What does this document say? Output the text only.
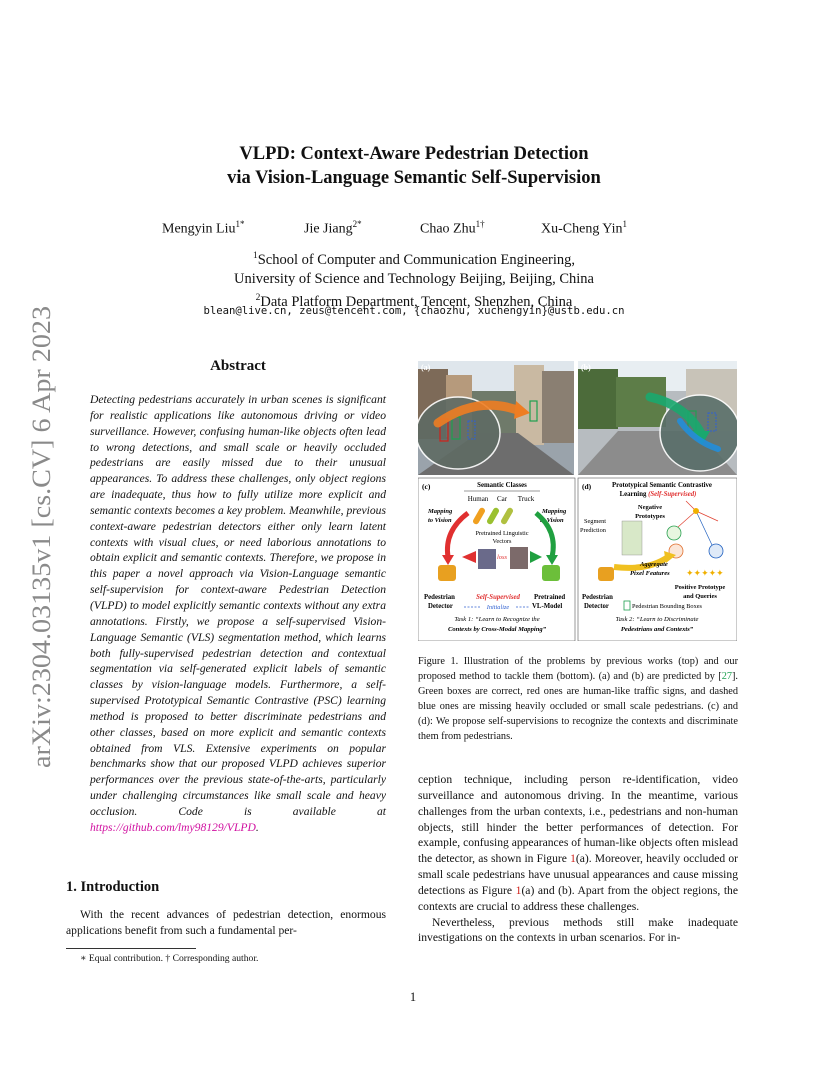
arXiv:2304.03135v1 [cs.CV] 6 Apr 2023
VLPD: Context-Aware Pedestrian Detection
via Vision-Language Semantic Self-Supervision
Mengyin Liu$^{1*}$	Jie Jiang$^{2*}$	Chao Zhu$^{1\dagger}$	Xu-Cheng Yin$^1$
$^1$School of Computer and Communication Engineering,
University of Science and Technology Beijing, Beijing, China
$^2$Data Platform Department, Tencent, Shenzhen, China
blean@live.cn, zeus@tencent.com, {chaozhu, xuchengyin}@ustb.edu.cn
Abstract
Detecting pedestrians accurately in urban scenes is significant for realistic applications like autonomous driving or video surveillance. However, confusing human-like objects often lead to wrong detections, and small scale or heavily occluded pedestrians are easily missed due to their unusual appearances. To address these challenges, only object regions are inadequate, thus how to fully utilize more explicit and semantic contexts becomes a key problem. Meanwhile, previous context-aware pedestrian detectors either only learn latent contexts with visual clues, or need laborious annotations to obtain explicit and semantic contexts. Therefore, we propose in this paper a novel approach via Vision-Language semantic self-supervision for context-aware Pedestrian Detection (VLPD) to model explicitly semantic contexts without any extra annotations. Firstly, we propose a self-supervised Vision-Language Semantic (VLS) segmentation method, which learns both fully-supervised pedestrian detection and contextual segmentation via self-generated explicit labels of semantic classes by vision-language models. Furthermore, a self-supervised Prototypical Semantic Contrastive (PSC) learning method is proposed to better discriminate pedestrians and other classes, based on more explicit and semantic contexts obtained from VLS. Extensive experiments on popular benchmarks show that our proposed VLPD achieves superior performances over the previous state-of-the-arts, particularly under challenging circumstances like small scale and heavy occlusion. Code is available at https://github.com/lmy98129/VLPD.
1. Introduction
With the recent advances of pedestrian detection, enormous applications benefit from such a fundamental per-
∗ Equal contribution. † Corresponding author.
(a)	(b)
(c)	Semantic Classes
Human Car Truck
Mapping
to Vision
Mapping
to Vision
Pretrained Linguistic
Vectors
loss
Pedestrian
Detector
Self-Supervised
Initialize
Pretrained
VL-Model
Task 1: “Learn to Recognize the
Contexts by Cross-Modal Mapping”
(d)	Prototypical Semantic Contrastive
Learning (Self-Supervised)
Negative
Prototypes
Segment
Prediction
Aggregate
Pixel Features ✦✦✦✦✦
Positive Prototype
and Queries
Pedestrian
Detector	Pedestrian Bounding Boxes
Task 2: “Learn to Discriminate
Pedestrians and Contexts”
Figure 1. Illustration of the problems by previous works (top) and our proposed method to tackle them (bottom). (a) and (b) are predicted by [27]. Green boxes are correct, red ones are human-like traffic signs, and dashed blue ones are missing heavily occluded or small scale pedestrians. (c) and (d): We propose self-supervisions to recognize the contexts and discriminate them from pedestrians.

ception technique, including person re-identification, video surveillance and autonomous driving. In the meantime, various challenges from the urban contexts, i.e., pedestrians and non-human objects, still hinder the better performances of detection. For example, confusing appearances of human-like objects often mislead the detector, as shown in Figure 1(a). Moreover, heavily occluded or small scale pedestrians have unusual appearances and cause missing detections as Figure 1(a) and (b). Apart from the object regions, the contexts are crucial to address these challenges.

Nevertheless, previous methods still make inadequate investigations on the contexts in urban scenarios. For in-

1
